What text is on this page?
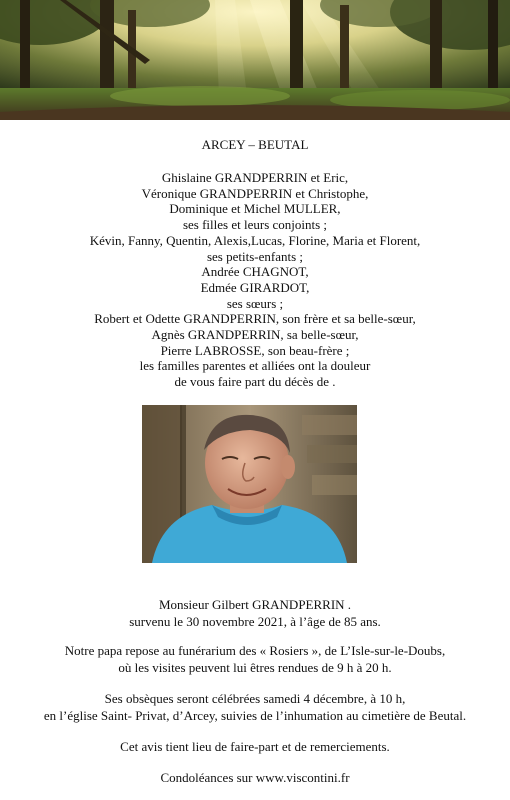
ARCEY – BEUTAL
Ghislaine GRANDPERRIN et Eric,
Véronique GRANDPERRIN et Christophe,
Dominique et Michel MULLER,
ses filles et leurs conjoints ;
Kévin, Fanny, Quentin, Alexis,Lucas, Florine, Maria et Florent,
ses petits-enfants ;
Andrée CHAGNOT,
Edmée GIRARDOT,
ses sœurs ;
Robert et Odette GRANDPERRIN, son frère et sa belle-sœur,
Agnès GRANDPERRIN, sa belle-sœur,
Pierre LABROSSE, son beau-frère ;
les familles parentes et alliées ont la douleur
de vous faire part du décès de .
Monsieur Gilbert GRANDPERRIN .
survenu le 30 novembre 2021, à l’âge de 85 ans.
Notre papa repose au funérarium des « Rosiers », de L’Isle-sur-le-Doubs,
où les visites peuvent lui êtres rendues de 9 h à 20 h.
Ses obsèques seront célébrées samedi 4 décembre, à 10 h,
en l’église Saint- Privat, d’Arcey, suivies de l’inhumation au cimetière de Beutal.
Cet avis tient lieu de faire-part et de remerciements.
Condoléances sur www.viscontini.fr
